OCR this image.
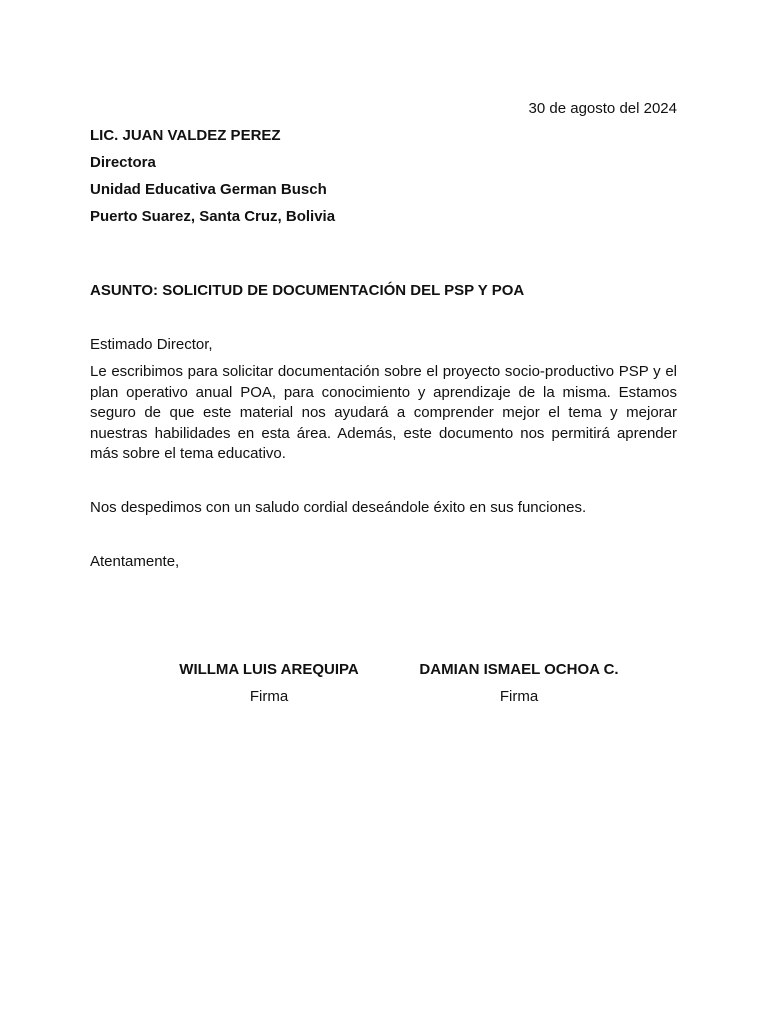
30 de agosto del 2024
LIC. JUAN VALDEZ PEREZ
Directora
Unidad Educativa German Busch
Puerto Suarez, Santa Cruz, Bolivia
ASUNTO: SOLICITUD DE DOCUMENTACIÓN DEL PSP Y POA
Estimado Director,
Le escribimos para solicitar documentación sobre el proyecto socio-productivo PSP y el plan operativo anual POA, para conocimiento y aprendizaje de la misma. Estamos seguro de que este material nos ayudará a comprender mejor el tema y mejorar nuestras habilidades en esta área. Además, este documento nos permitirá aprender más sobre el tema educativo.
Nos despedimos con un saludo cordial deseándole éxito en sus funciones.
Atentamente,
WILLMA LUIS AREQUIPA
Firma
DAMIAN ISMAEL OCHOA C.
Firma
